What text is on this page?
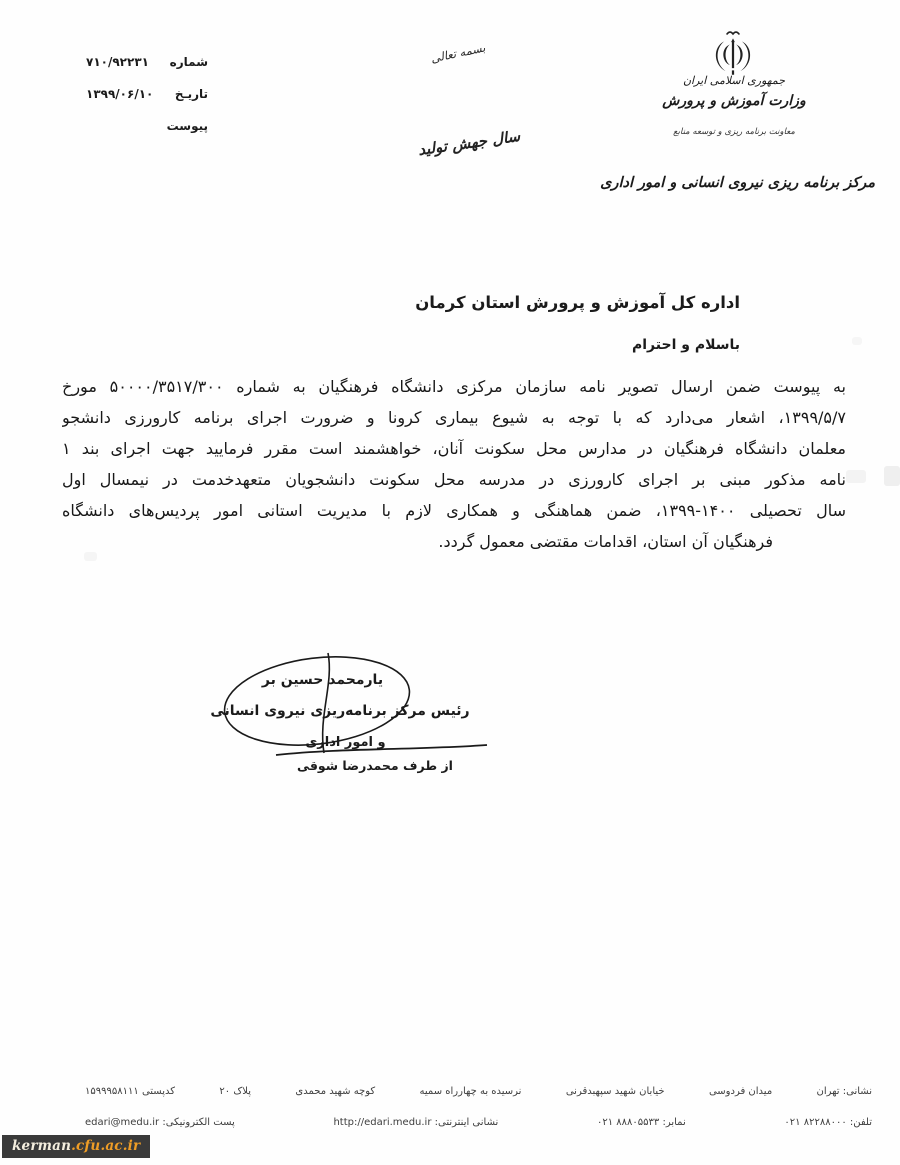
شماره
۷۱۰/۹۲۲۳۱
تاریـخ
۱۳۹۹/۰۶/۱۰
پیوست
بسمه تعالی
سال جهش تولید
جمهوری اسلامی ایران
وزارت آموزش و پرورش
معاونت برنامه ریزی و توسعه منابع
مرکز برنامه ریزی نیروی انسانی و امور اداری
اداره کل آموزش و پرورش استان کرمان
باسلام و احترام
به پیوست ضمن ارسال تصویر نامه سازمان مرکزی دانشگاه فرهنگیان به شماره ۵۰۰۰۰/۳۵۱۷/۳۰۰ مورخ
۱۳۹۹/۵/۷، اشعار می‌دارد که با توجه به شیوع بیماری کرونا و ضرورت اجرای برنامه کارورزی دانشجو
معلمان دانشگاه فرهنگیان در مدارس محل سکونت آنان، خواهشمند است مقرر فرمایید جهت اجرای بند ۱
نامه مذکور مبنی بر اجرای کارورزی در مدرسه محل سکونت دانشجویان متعهدخدمت در نیمسال اول
سال تحصیلی ۱۴۰۰-۱۳۹۹، ضمن هماهنگی و همکاری لازم با مدیریت استانی امور پردیس‌های دانشگاه
فرهنگیان آن استان، اقدامات مقتضی معمول گردد.
یارمحمد حسین بر
رئیس مرکز برنامه‌ریزی نیروی انسانی
و امور اداری
از طرف محمدرضا شوقی
نشانی: تهران
میدان فردوسی
خیابان شهید سپهبدقرنی
نرسیده به چهارراه سمیه
کوچه شهید محمدی
پلاک ۲۰
کدپستی ۱۵۹۹۹۵۸۱۱۱
تلفن: ۸۲۲۸۸۰۰۰ ۰۲۱
نمابر: ۸۸۸۰۵۵۳۳ ۰۲۱
نشانی اینترنتی: http://edari.medu.ir
پست الکترونیکی: edari@medu.ir
kerman.cfu.ac.ir
